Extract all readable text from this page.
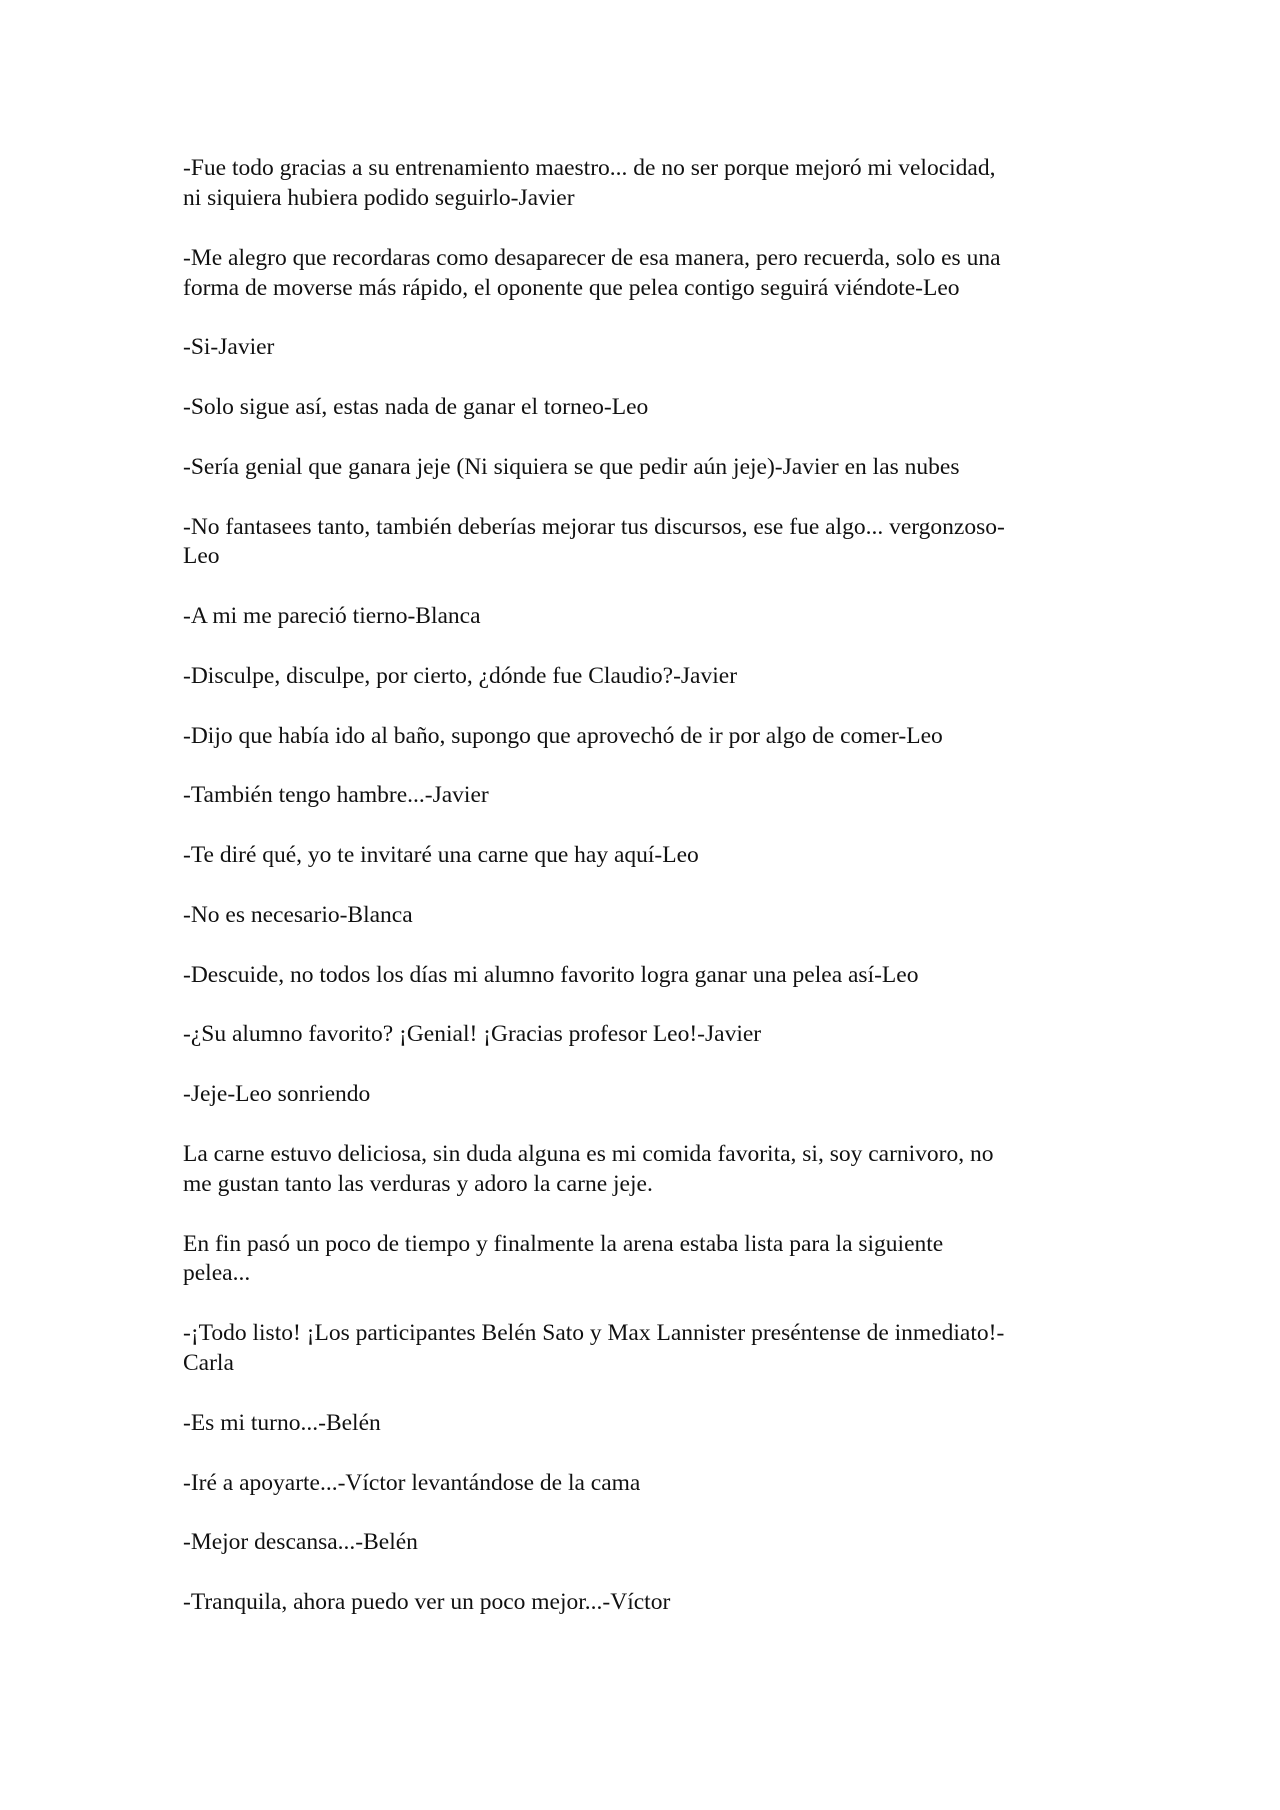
-Fue todo gracias a su entrenamiento maestro... de no ser porque mejoró mi velocidad,
ni siquiera hubiera podido seguirlo-Javier

-Me alegro que recordaras como desaparecer de esa manera, pero recuerda, solo es una
forma de moverse más rápido, el oponente que pelea contigo seguirá viéndote-Leo

-Si-Javier

-Solo sigue así, estas nada de ganar el torneo-Leo

-Sería genial que ganara jeje (Ni siquiera se que pedir aún jeje)-Javier en las nubes

-No fantasees tanto, también deberías mejorar tus discursos, ese fue algo... vergonzoso-
Leo

-A mi me pareció tierno-Blanca

-Disculpe, disculpe, por cierto, ¿dónde fue Claudio?-Javier

-Dijo que había ido al baño, supongo que aprovechó de ir por algo de comer-Leo

-También tengo hambre...-Javier

-Te diré qué, yo te invitaré una carne que hay aquí-Leo

-No es necesario-Blanca

-Descuide, no todos los días mi alumno favorito logra ganar una pelea así-Leo

-¿Su alumno favorito? ¡Genial! ¡Gracias profesor Leo!-Javier

-Jeje-Leo sonriendo

La carne estuvo deliciosa, sin duda alguna es mi comida favorita, si, soy carnivoro, no
me gustan tanto las verduras y adoro la carne jeje.

En fin pasó un poco de tiempo y finalmente la arena estaba lista para la siguiente
pelea...

-¡Todo listo! ¡Los participantes Belén Sato y Max Lannister preséntense de inmediato!-
Carla

-Es mi turno...-Belén

-Iré a apoyarte...-Víctor levantándose de la cama

-Mejor descansa...-Belén

-Tranquila, ahora puedo ver un poco mejor...-Víctor
